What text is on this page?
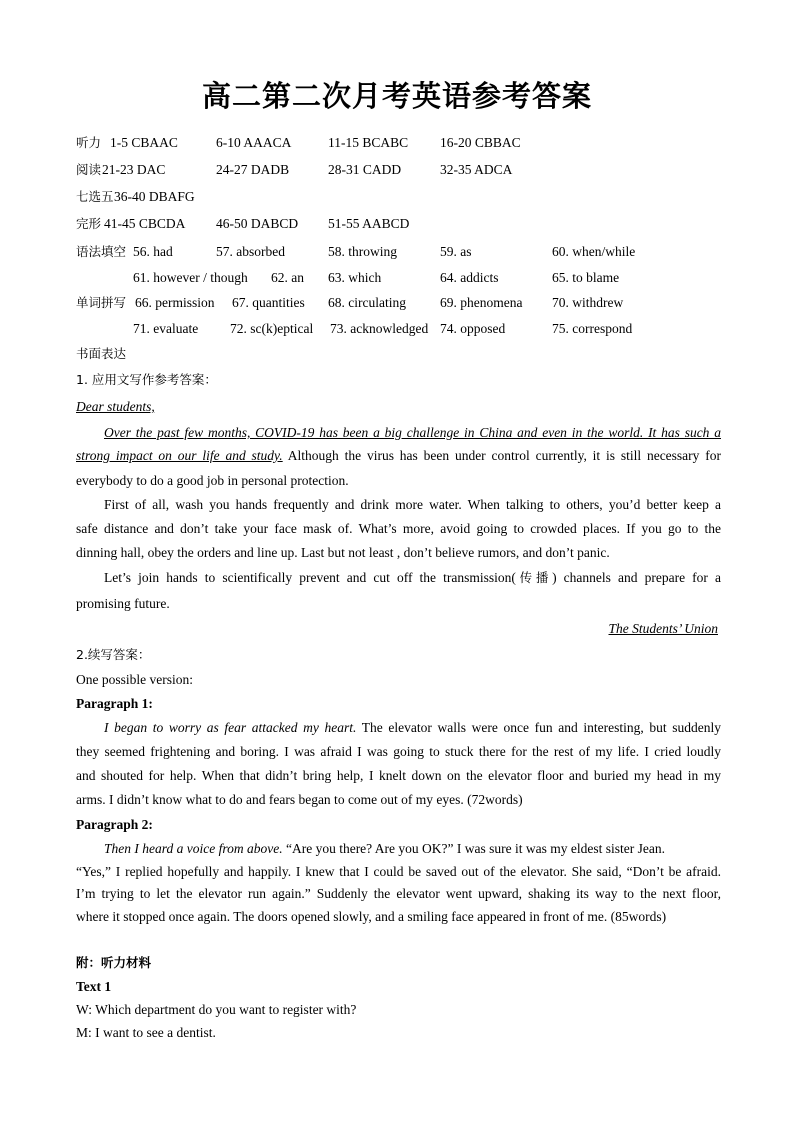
高二第二次月考英语参考答案
听力 1-5 CBAAC	6-10 AAACA	11-15 BCABC 16-20 CBBAC
阅读 21-23 DAC	24-27 DADB	28-31 CADD	32-35 ADCA
七选五 36-40 DBAFG
完形 41-45 CBCDA 46-50 DABCD 51-55 AABCD
语法填空 56. had	57. absorbed	58. throwing	59. as	60. when/while
61. however / though 62. an 63. which	64. addicts	65. to blame
单词拼写 66. permission 67. quantities 68. circulating	69. phenomena 70. withdrew
71. evaluate 72. sc(k)eptical 73. acknowledged 74. opposed	75. correspond
书面表达
1. 应用文写作参考答案：
Dear students,
Over the past few months, COVID-19 has been a big challenge in China and even in the world. It has such a
strong impact on our life and study. Although the virus has been under control currently, it is still necessary for
everybody to do a good job in personal protection.
First of all, wash you hands frequently and drink more water. When talking to others, you’d better keep a
safe distance and don’t take your face mask of. What’s more, avoid going to crowded places. If you go to the
dinning hall, obey the orders and line up. Last but not least , don’t believe rumors, and don’t panic.
Let’s join hands to scientifically prevent and cut off the transmission(传播) channels and prepare for a
promising future.
The Students’ Union
2.续写答案：
One possible version:
Paragraph 1:
I began to worry as fear attacked my heart. The elevator walls were once fun and interesting, but suddenly
they seemed frightening and boring. I was afraid I was going to stuck there for the rest of my life. I cried loudly
and shouted for help. When that didn’t bring help, I knelt down on the elevator floor and buried my head in my
arms. I didn’t know what to do and fears began to come out of my eyes. (72words)
Paragraph 2:
Then I heard a voice from above. “Are you there? Are you OK?” I was sure it was my eldest sister Jean.
“Yes,” I replied hopefully and happily. I knew that I could be saved out of the elevator. She said, “Don’t be afraid.
I’m trying to let the elevator run again.” Suddenly the elevator went upward, shaking its way to the next floor,
where it stopped once again. The doors opened slowly, and a smiling face appeared in front of me. (85words)
附：听力材料
Text 1
W: Which department do you want to register with?
M: I want to see a dentist.
